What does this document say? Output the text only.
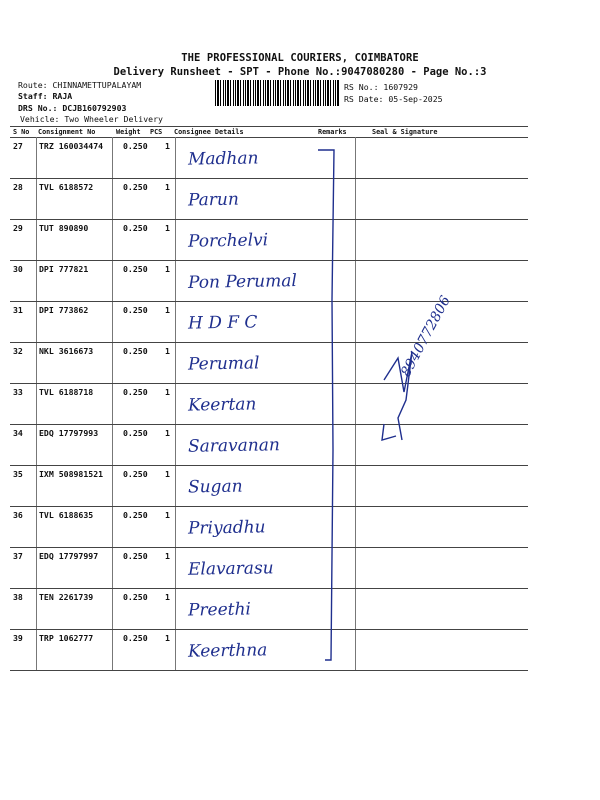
THE PROFESSIONAL COURIERS, COIMBATORE
Delivery Runsheet - SPT - Phone No.:9047080280 - Page No.:3
Route: CHINNAMETTUPALAYAM
Staff: RAJA
DRS No.: DCJB160792903
Vehicle: Two Wheeler Delivery
RS No.: 1607929
RS Date: 05-Sep-2025
S No Consignment No	Weight PCS Consignee Details	Remarks	Seal & Signature
27 TRZ 160034474 0.250 1
Madhan
28 TVL 6188572	0.250 1
Parun
29 TUT 890890	0.250 1
Porchelvi
30 DPI 777821	0.250 1
Pon Perumal
31 DPI 773862	0.250 1
H D F C
32 NKL 3616673	0.250 1
Perumal
33 TVL 6188718	0.250 1
Keertan
34 EDQ 17797993	0.250 1
Saravanan
35 IXM 508981521 0.250 1
Sugan
36 TVL 6188635	0.250 1
Priyadhu
37 EDQ 17797997	0.250 1
Elavarasu
38 TEN 2261739	0.250 1
Preethi
39 TRP 1062777	0.250 1
Keerthna
8940772806
